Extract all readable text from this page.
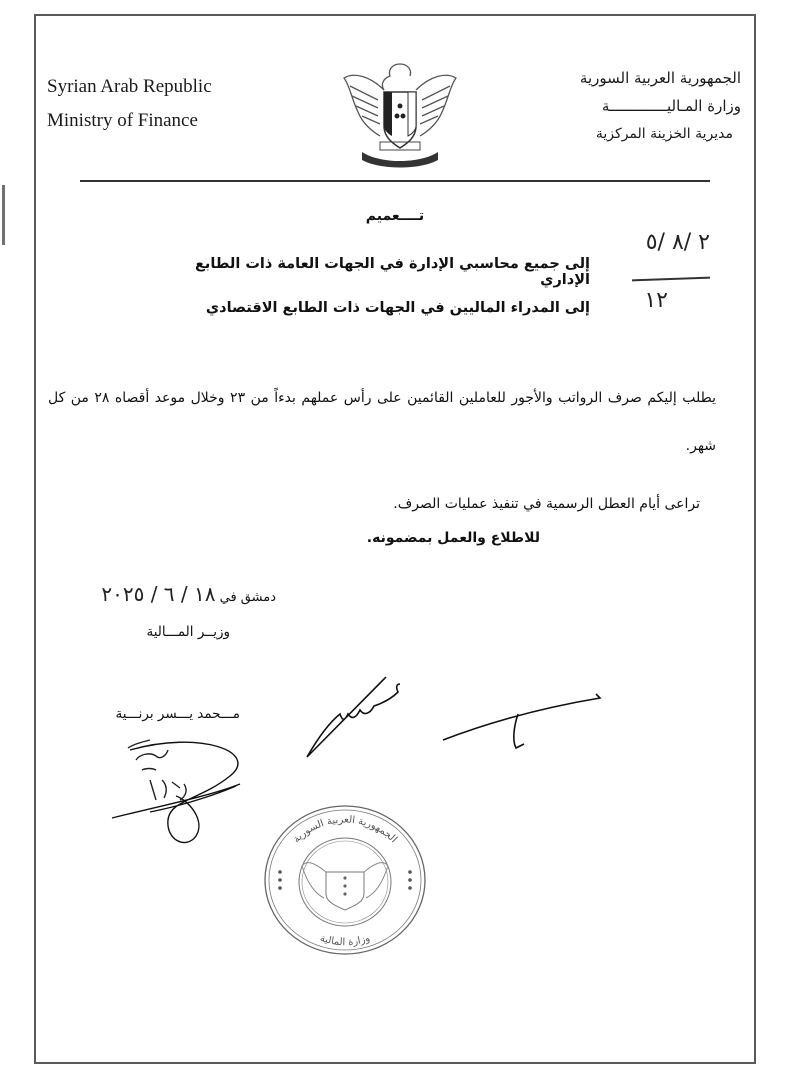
Syrian Arab Republic
Ministry of Finance
الجمهورية العربية السورية
وزارة المـاليـــــــــــــة
مديرية الخزينة المركزية
تــــعميم
٢ /٨ /٥
١٢
إلى جميع محاسبي الإدارة في الجهات العامة ذات الطابع الإداري
إلى المدراء الماليين في الجهات ذات الطابع الاقتصادي
يطلب إليكم صرف الرواتب والأجور للعاملين القائمين على رأس عملهم بدءاً من ٢٣ وخلال موعد أقصاه ٢٨ من كل شهر.
تراعى أيام العطل الرسمية في تنفيذ عمليات الصرف.
للاطلاع والعمل بمضمونه.
دمشق في ١٨ / ٦ / ٢٠٢٥
وزيــر المـــالية
مـــحمد يـــسر برنـــية
الجمهورية العربية السورية
وزارة المالية
